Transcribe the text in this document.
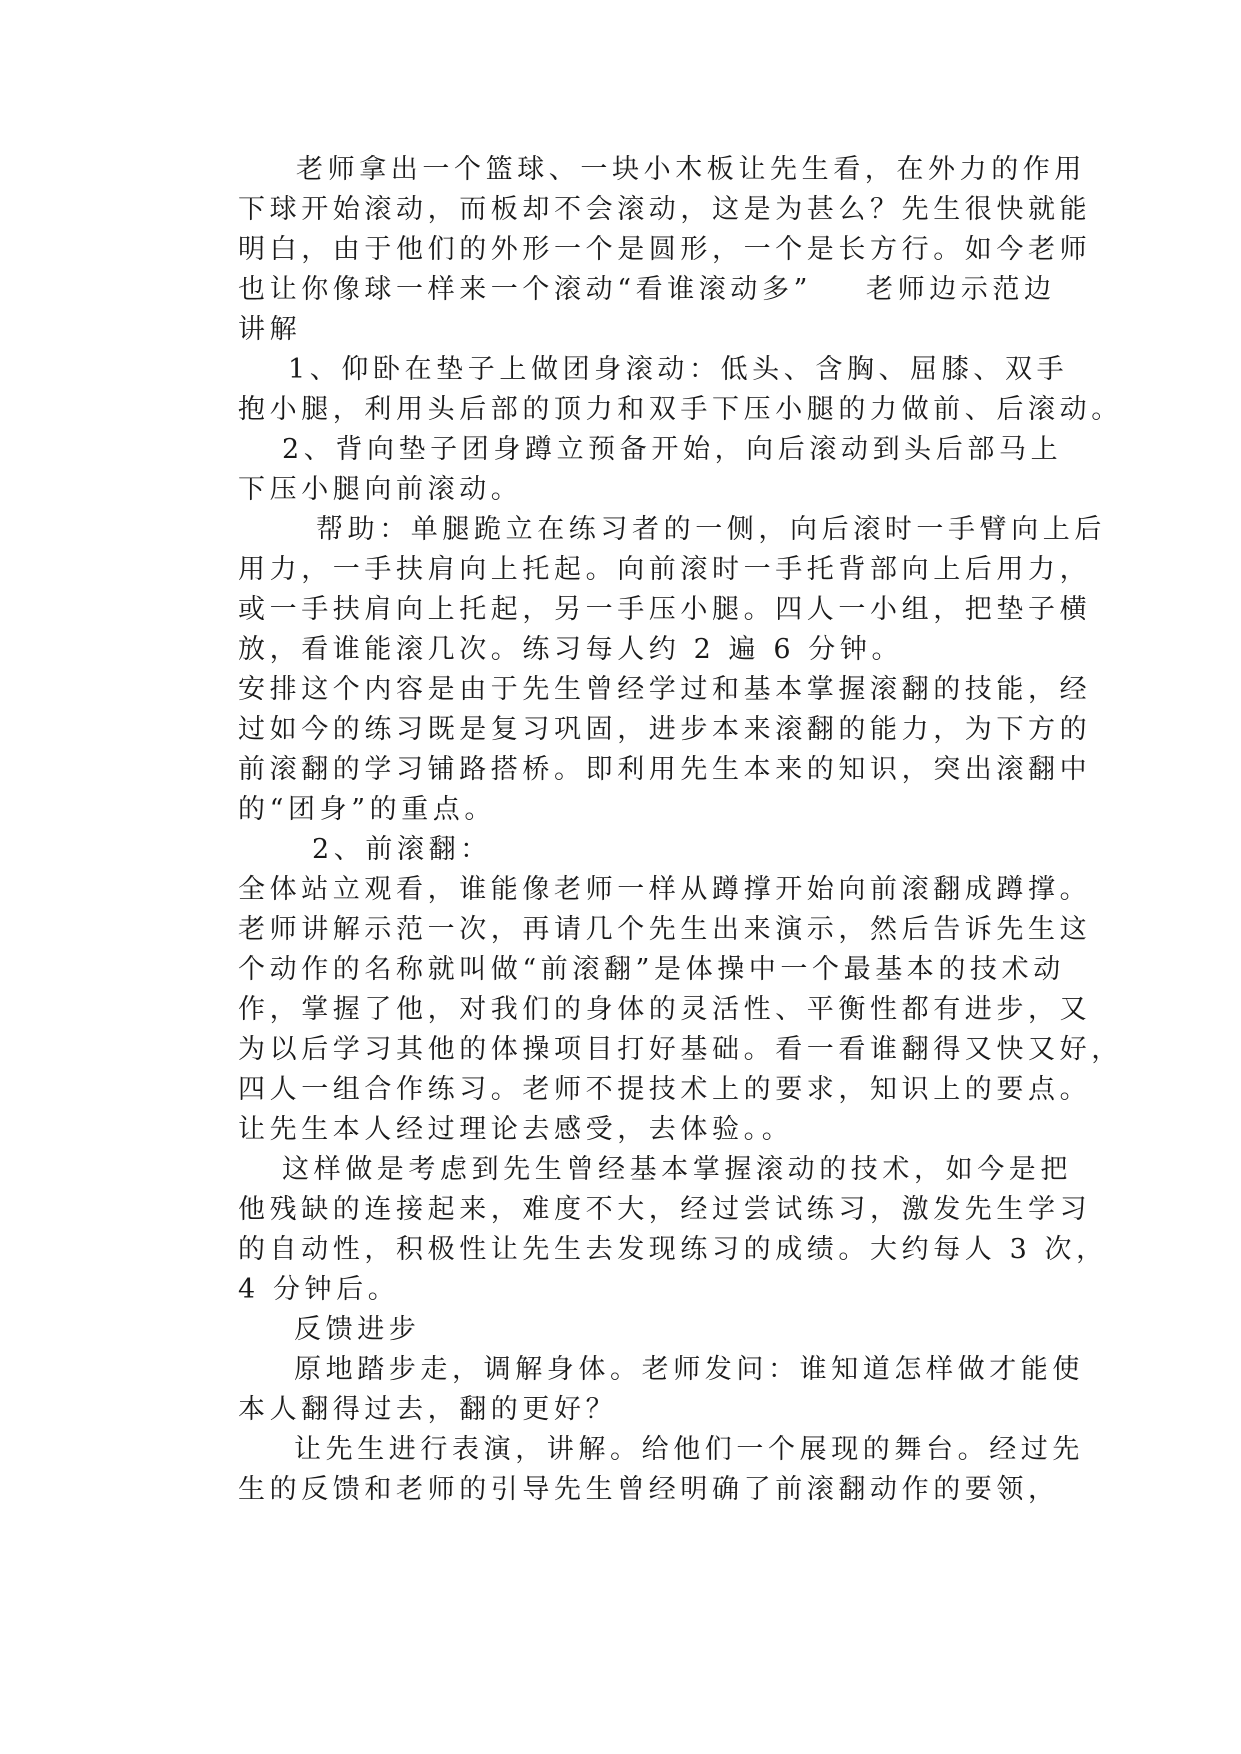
老师拿出一个篮球、一块小木板让先生看，在外力的作用
下球开始滚动，而板却不会滚动，这是为甚么？先生很快就能
明白，由于他们的外形一个是圆形，一个是长方行。如今老师
也让你像球一样来一个滚动“看谁滚动多” 老师边示范边
讲解
1、仰卧在垫子上做团身滚动：低头、含胸、屈膝、双手
抱小腿，利用头后部的顶力和双手下压小腿的力做前、后滚动。
2、背向垫子团身蹲立预备开始，向后滚动到头后部马上
下压小腿向前滚动。
帮助：单腿跪立在练习者的一侧，向后滚时一手臂向上后
用力，一手扶肩向上托起。向前滚时一手托背部向上后用力，
或一手扶肩向上托起，另一手压小腿。四人一小组，把垫子横
放，看谁能滚几次。练习每人约 2 遍 6 分钟。
安排这个内容是由于先生曾经学过和基本掌握滚翻的技能，经
过如今的练习既是复习巩固，进步本来滚翻的能力，为下方的
前滚翻的学习铺路搭桥。即利用先生本来的知识，突出滚翻中
的“团身”的重点。
2、前滚翻：
全体站立观看，谁能像老师一样从蹲撑开始向前滚翻成蹲撑。
老师讲解示范一次，再请几个先生出来演示，然后告诉先生这
个动作的名称就叫做“前滚翻”是体操中一个最基本的技术动
作，掌握了他，对我们的身体的灵活性、平衡性都有进步，又
为以后学习其他的体操项目打好基础。看一看谁翻得又快又好，
四人一组合作练习。老师不提技术上的要求，知识上的要点。
让先生本人经过理论去感受，去体验。。
这样做是考虑到先生曾经基本掌握滚动的技术，如今是把
他残缺的连接起来，难度不大，经过尝试练习，激发先生学习
的自动性，积极性让先生去发现练习的成绩。大约每人 3 次，
4 分钟后。
反馈进步
原地踏步走，调解身体。老师发问：谁知道怎样做才能使
本人翻得过去，翻的更好？
让先生进行表演，讲解。给他们一个展现的舞台。经过先
生的反馈和老师的引导先生曾经明确了前滚翻动作的要领，
